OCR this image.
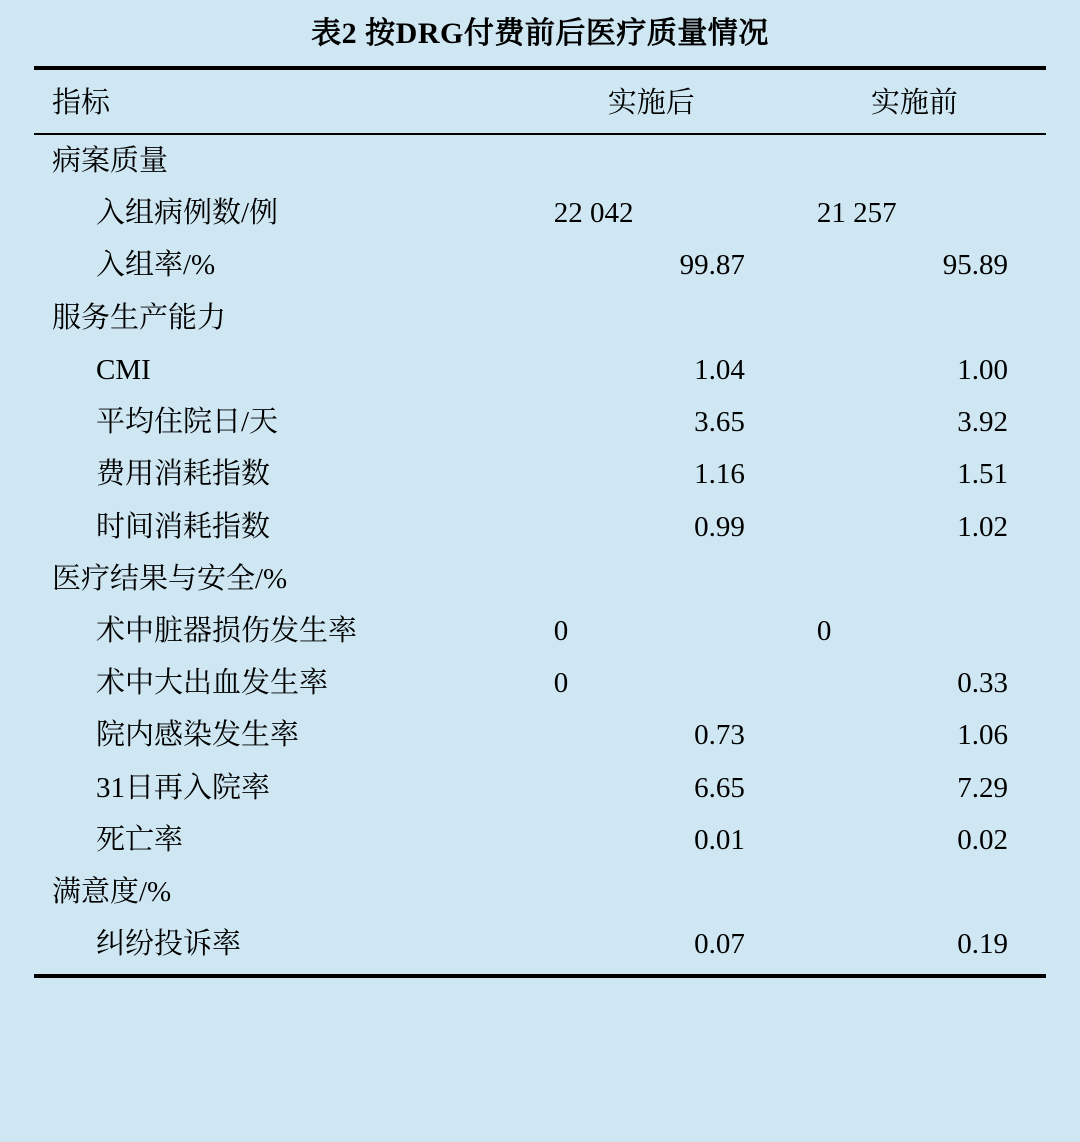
表2 按DRG付费前后医疗质量情况
指标	实施后	实施前
病案质量		
入组病例数/例	22 042	21 257
入组率/%	99.87	95.89
服务生产能力		
CMI	1.04	1.00
平均住院日/天	3.65	3.92
费用消耗指数	1.16	1.51
时间消耗指数	0.99	1.02
医疗结果与安全/%		
术中脏器损伤发生率	0	0
术中大出血发生率	0	0.33
院内感染发生率	0.73	1.06
31日再入院率	6.65	7.29
死亡率	0.01	0.02
满意度/%		
纠纷投诉率	0.07	0.19
